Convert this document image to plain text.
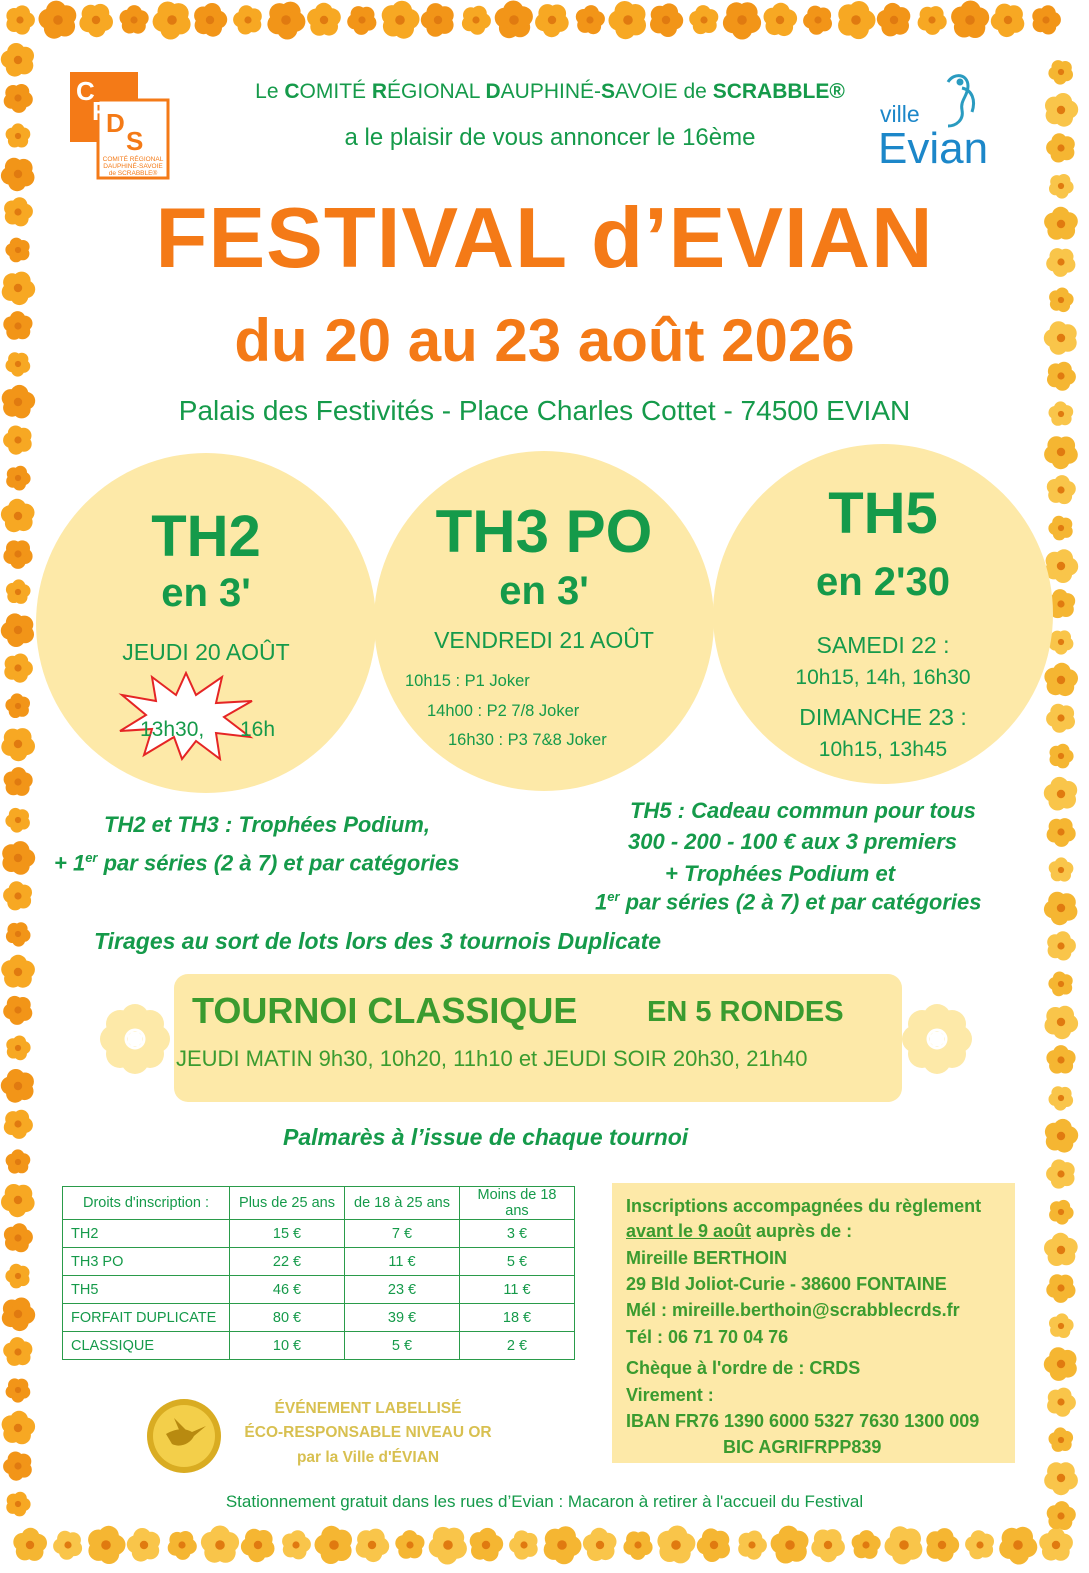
C
R
D
S
COMITÉ RÉGIONAL
DAUPHINÉ-SAVOIE
de SCRABBLE®
ville
Evian
Le COMITÉ RÉGIONAL DAUPHINÉ-SAVOIE de SCRABBLE®
a le plaisir de vous annoncer le 16ème
FESTIVAL d’EVIAN
du 20 au 23 août 2026
Palais des Festivités - Place Charles Cottet - 74500 EVIAN
TH2
en 3'
JEUDI 20 AOÛT
13h30, 16h
TH3 PO
en 3'
VENDREDI 21 AOÛT
10h15 : P1 Joker
14h00 : P2 7/8 Joker
16h30 : P3 7&8 Joker
TH5
en 2'30
SAMEDI 22 :
10h15, 14h, 16h30
DIMANCHE 23 :
10h15, 13h45
TH2 et TH3 : Trophées Podium,
+ 1er par séries (2 à 7) et par catégories
TH5 : Cadeau commun pour tous
300 - 200 - 100 € aux 3 premiers
+ Trophées Podium et
1er par séries (2 à 7) et par catégories
Tirages au sort de lots lors des 3 tournois Duplicate
TOURNOI CLASSIQUE EN 5 RONDES
JEUDI MATIN 9h30, 10h20, 11h10 et JEUDI SOIR 20h30, 21h40
Palmarès à l’issue de chaque tournoi
Droits d'inscription :	Plus de 25 ans	de 18 à 25 ans	Moins de 18 ans
TH2	15 €	7 €	3 €
TH3 PO	22 €	11 €	5 €
TH5	46 €	23 €	11 €
FORFAIT DUPLICATE	80 €	39 €	18 €
CLASSIQUE	10 €	5 €	2 €
Inscriptions accompagnées du règlement
avant le 9 août auprès de :
Mireille BERTHOIN
29 Bld Joliot-Curie - 38600 FONTAINE
Mél : mireille.berthoin@scrabblecrds.fr
Tél : 06 71 70 04 76
Chèque à l'ordre de : CRDS
Virement :
IBAN FR76 1390 6000 5327 7630 1300 009
BIC AGRIFRPP839
ÉVÉNEMENT LABELLISÉ
ÉCO-RESPONSABLE NIVEAU OR
par la Ville d'ÉVIAN
Stationnement gratuit dans les rues d’Evian : Macaron à retirer à l'accueil du Festival
